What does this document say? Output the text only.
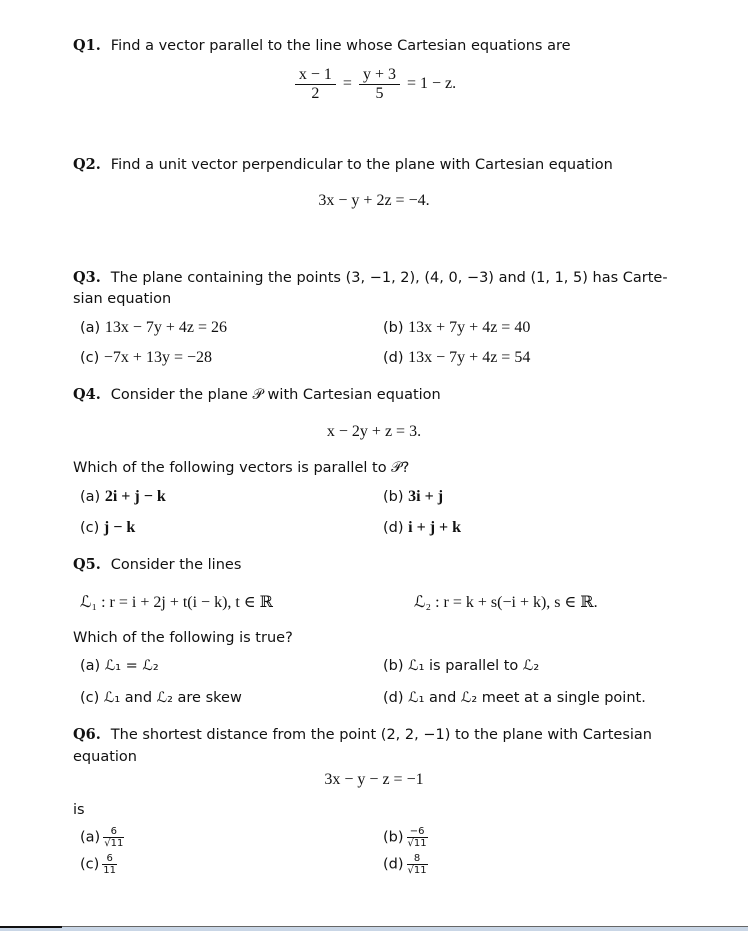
Q1. Find a vector parallel to the line whose Cartesian equations are
$\frac{x - 1}{2} = \frac{y + 3}{5} = 1 - z$.
Q2. Find a unit vector perpendicular to the plane with Cartesian equation
3x − y + 2z = −4.
Q3. The plane containing the points (3, −1, 2), (4, 0, −3) and (1, 1, 5) has Carte-
sian equation
(a) 13x − 7y + 4z = 26	(b) 13x + 7y + 4z = 40
(c) −7x + 13y = −28	(d) 13x − 7y + 4z = 54
Q4. Consider the plane 𝒫 with Cartesian equation
x − 2y + z = 3.
Which of the following vectors is parallel to 𝒫?
(a) 2i + j − k	(b) 3i + j
(c) j − k	(d) i + j + k
Q5. Consider the lines
ℒ₁ : r = i + 2j + t(i − k), t ∈ ℝ	ℒ₂ : r = k + s(−i + k), s ∈ ℝ.
Which of the following is true?
(a) ℒ₁ = ℒ₂	(b) ℒ₁ is parallel to ℒ₂
(c) ℒ₁ and ℒ₂ are skew	(d) ℒ₁ and ℒ₂ meet at a single point.
Q6. The shortest distance from the point (2, 2, −1) to the plane with Cartesian
equation
3x − y − z = −1
is
$(a) \frac{6}{√11}$	$(b) \frac{-6}{√11}$
$(c) \frac{6}{11}$	$(d) \frac{8}{√11}$
